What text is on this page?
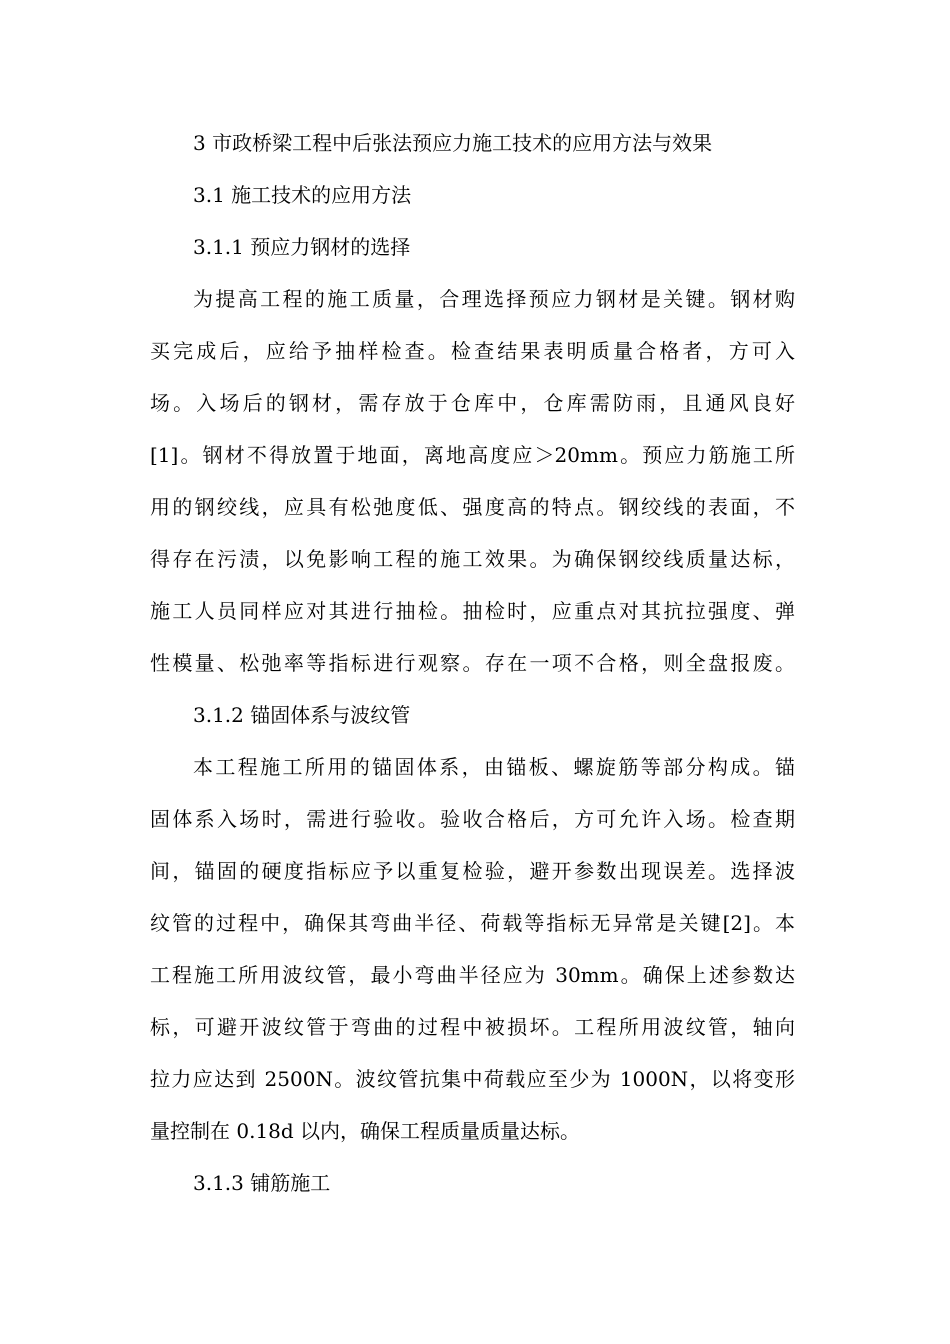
3 市政桥梁工程中后张法预应力施工技术的应用方法与效果
3.1 施工技术的应用方法
3.1.1 预应力钢材的选择
为提高工程的施工质量，合理选择预应力钢材是关键。钢材购
买完成后，应给予抽样检查。检查结果表明质量合格者，方可入
场。入场后的钢材，需存放于仓库中，仓库需防雨，且通风良好
[1]。钢材不得放置于地面，离地高度应＞20mm。预应力筋施工所
用的钢绞线，应具有松弛度低、强度高的特点。钢绞线的表面，不
得存在污渍，以免影响工程的施工效果。为确保钢绞线质量达标，
施工人员同样应对其进行抽检。抽检时，应重点对其抗拉强度、弹
性模量、松弛率等指标进行观察。存在一项不合格，则全盘报废。
3.1.2 锚固体系与波纹管
本工程施工所用的锚固体系，由锚板、螺旋筋等部分构成。锚
固体系入场时，需进行验收。验收合格后，方可允许入场。检查期
间，锚固的硬度指标应予以重复检验，避开参数出现误差。选择波
纹管的过程中，确保其弯曲半径、荷载等指标无异常是关键[2]。本
工程施工所用波纹管，最小弯曲半径应为 30mm。确保上述参数达
标，可避开波纹管于弯曲的过程中被损坏。工程所用波纹管，轴向
拉力应达到 2500N。波纹管抗集中荷载应至少为 1000N，以将变形
量控制在 0.18d 以内，确保工程质量质量达标。
3.1.3 铺筋施工
